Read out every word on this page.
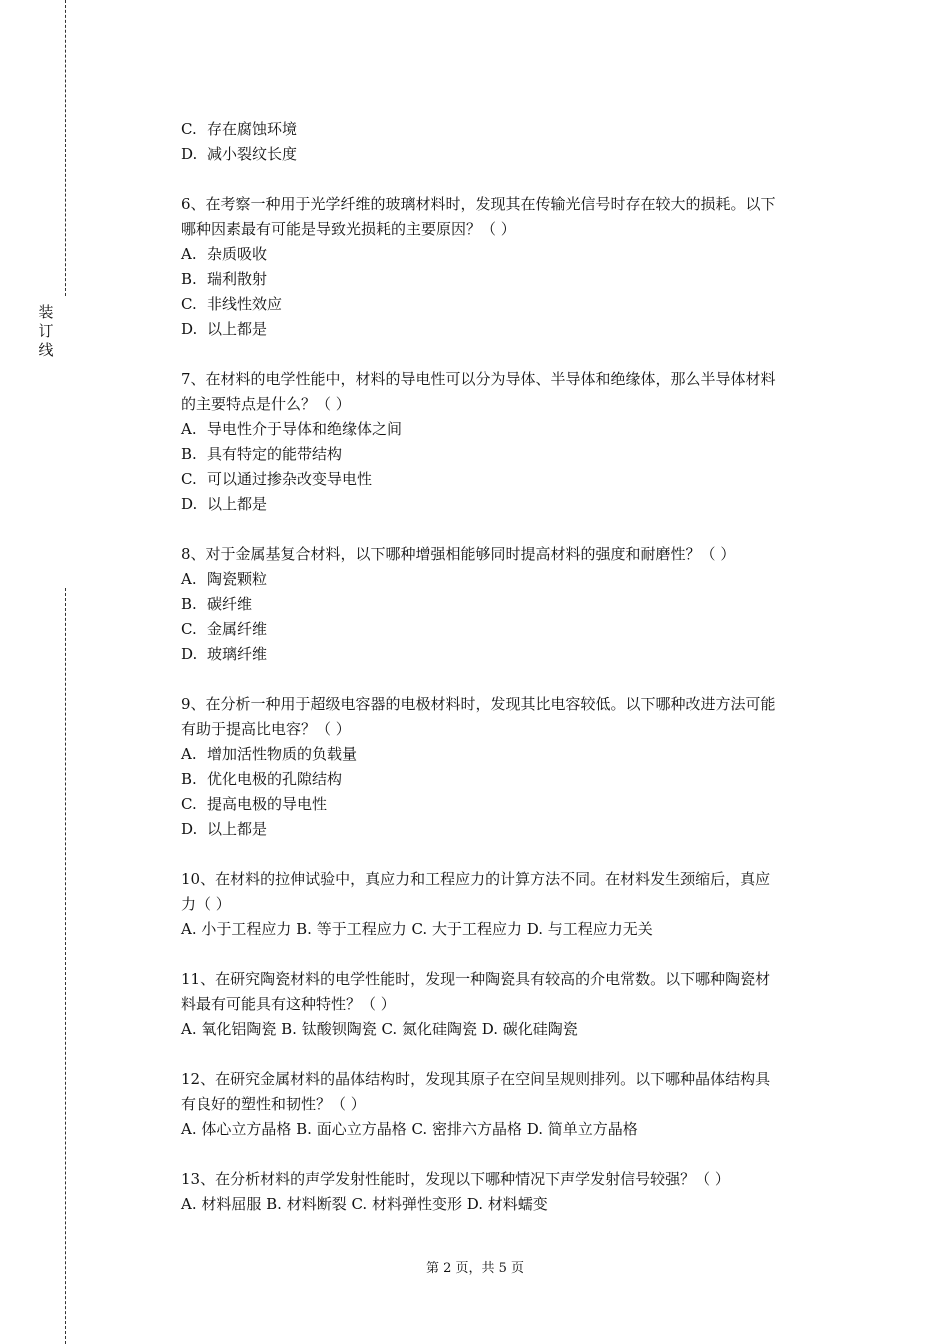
装
订
线

C. 存在腐蚀环境

D. 减小裂纹长度

6、在考察一种用于光学纤维的玻璃材料时，发现其在传输光信号时存在较大的损耗。以下

哪种因素最有可能是导致光损耗的主要原因？（ ）

A. 杂质吸收

B. 瑞利散射

C. 非线性效应

D. 以上都是

7、在材料的电学性能中，材料的导电性可以分为导体、半导体和绝缘体，那么半导体材料

的主要特点是什么？（ ）

A. 导电性介于导体和绝缘体之间

B. 具有特定的能带结构

C. 可以通过掺杂改变导电性

D. 以上都是

8、对于金属基复合材料，以下哪种增强相能够同时提高材料的强度和耐磨性？（ ）

A. 陶瓷颗粒

B. 碳纤维

C. 金属纤维

D. 玻璃纤维

9、在分析一种用于超级电容器的电极材料时，发现其比电容较低。以下哪种改进方法可能

有助于提高比电容？（ ）

A. 增加活性物质的负载量

B. 优化电极的孔隙结构

C. 提高电极的导电性

D. 以上都是

10、在材料的拉伸试验中，真应力和工程应力的计算方法不同。在材料发生颈缩后，真应

力（ ）

A. 小于工程应力 B. 等于工程应力 C. 大于工程应力 D. 与工程应力无关

11、在研究陶瓷材料的电学性能时，发现一种陶瓷具有较高的介电常数。以下哪种陶瓷材

料最有可能具有这种特性？（ ）

A. 氧化铝陶瓷 B. 钛酸钡陶瓷 C. 氮化硅陶瓷 D. 碳化硅陶瓷

12、在研究金属材料的晶体结构时，发现其原子在空间呈规则排列。以下哪种晶体结构具

有良好的塑性和韧性？（ ）

A. 体心立方晶格 B. 面心立方晶格 C. 密排六方晶格 D. 简单立方晶格

13、在分析材料的声学发射性能时，发现以下哪种情况下声学发射信号较强？（ ）

A. 材料屈服 B. 材料断裂 C. 材料弹性变形 D. 材料蠕变

第 2 页，共 5 页
